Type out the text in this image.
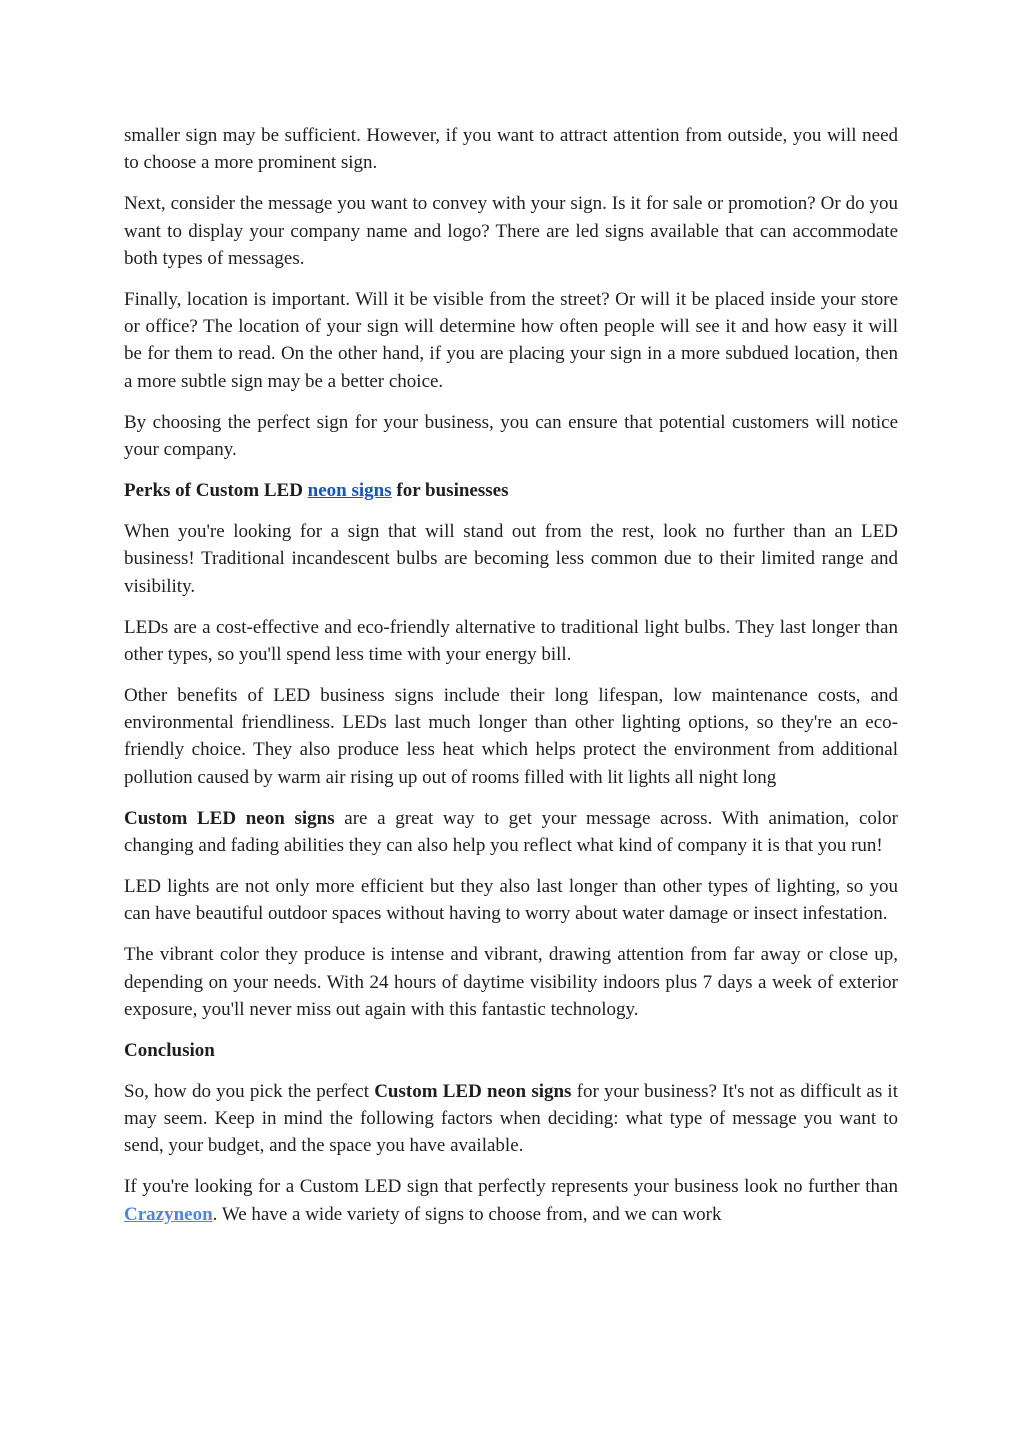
smaller sign may be sufficient. However, if you want to attract attention from outside, you will need to choose a more prominent sign.

Next, consider the message you want to convey with your sign. Is it for sale or promotion? Or do you want to display your company name and logo? There are led signs available that can accommodate both types of messages.

Finally, location is important. Will it be visible from the street? Or will it be placed inside your store or office? The location of your sign will determine how often people will see it and how easy it will be for them to read. On the other hand, if you are placing your sign in a more subdued location, then a more subtle sign may be a better choice.

By choosing the perfect sign for your business, you can ensure that potential customers will notice your company.

Perks of Custom LED neon signs for businesses

When you're looking for a sign that will stand out from the rest, look no further than an LED business! Traditional incandescent bulbs are becoming less common due to their limited range and visibility.

LEDs are a cost-effective and eco-friendly alternative to traditional light bulbs. They last longer than other types, so you'll spend less time with your energy bill.

Other benefits of LED business signs include their long lifespan, low maintenance costs, and environmental friendliness. LEDs last much longer than other lighting options, so they're an eco-friendly choice. They also produce less heat which helps protect the environment from additional pollution caused by warm air rising up out of rooms filled with lit lights all night long

Custom LED neon signs are a great way to get your message across. With animation, color changing and fading abilities they can also help you reflect what kind of company it is that you run!

LED lights are not only more efficient but they also last longer than other types of lighting, so you can have beautiful outdoor spaces without having to worry about water damage or insect infestation.

The vibrant color they produce is intense and vibrant, drawing attention from far away or close up, depending on your needs. With 24 hours of daytime visibility indoors plus 7 days a week of exterior exposure, you'll never miss out again with this fantastic technology.

Conclusion

So, how do you pick the perfect Custom LED neon signs for your business? It's not as difficult as it may seem. Keep in mind the following factors when deciding: what type of message you want to send, your budget, and the space you have available.

If you're looking for a Custom LED sign that perfectly represents your business look no further than Crazyneon. We have a wide variety of signs to choose from, and we can work
